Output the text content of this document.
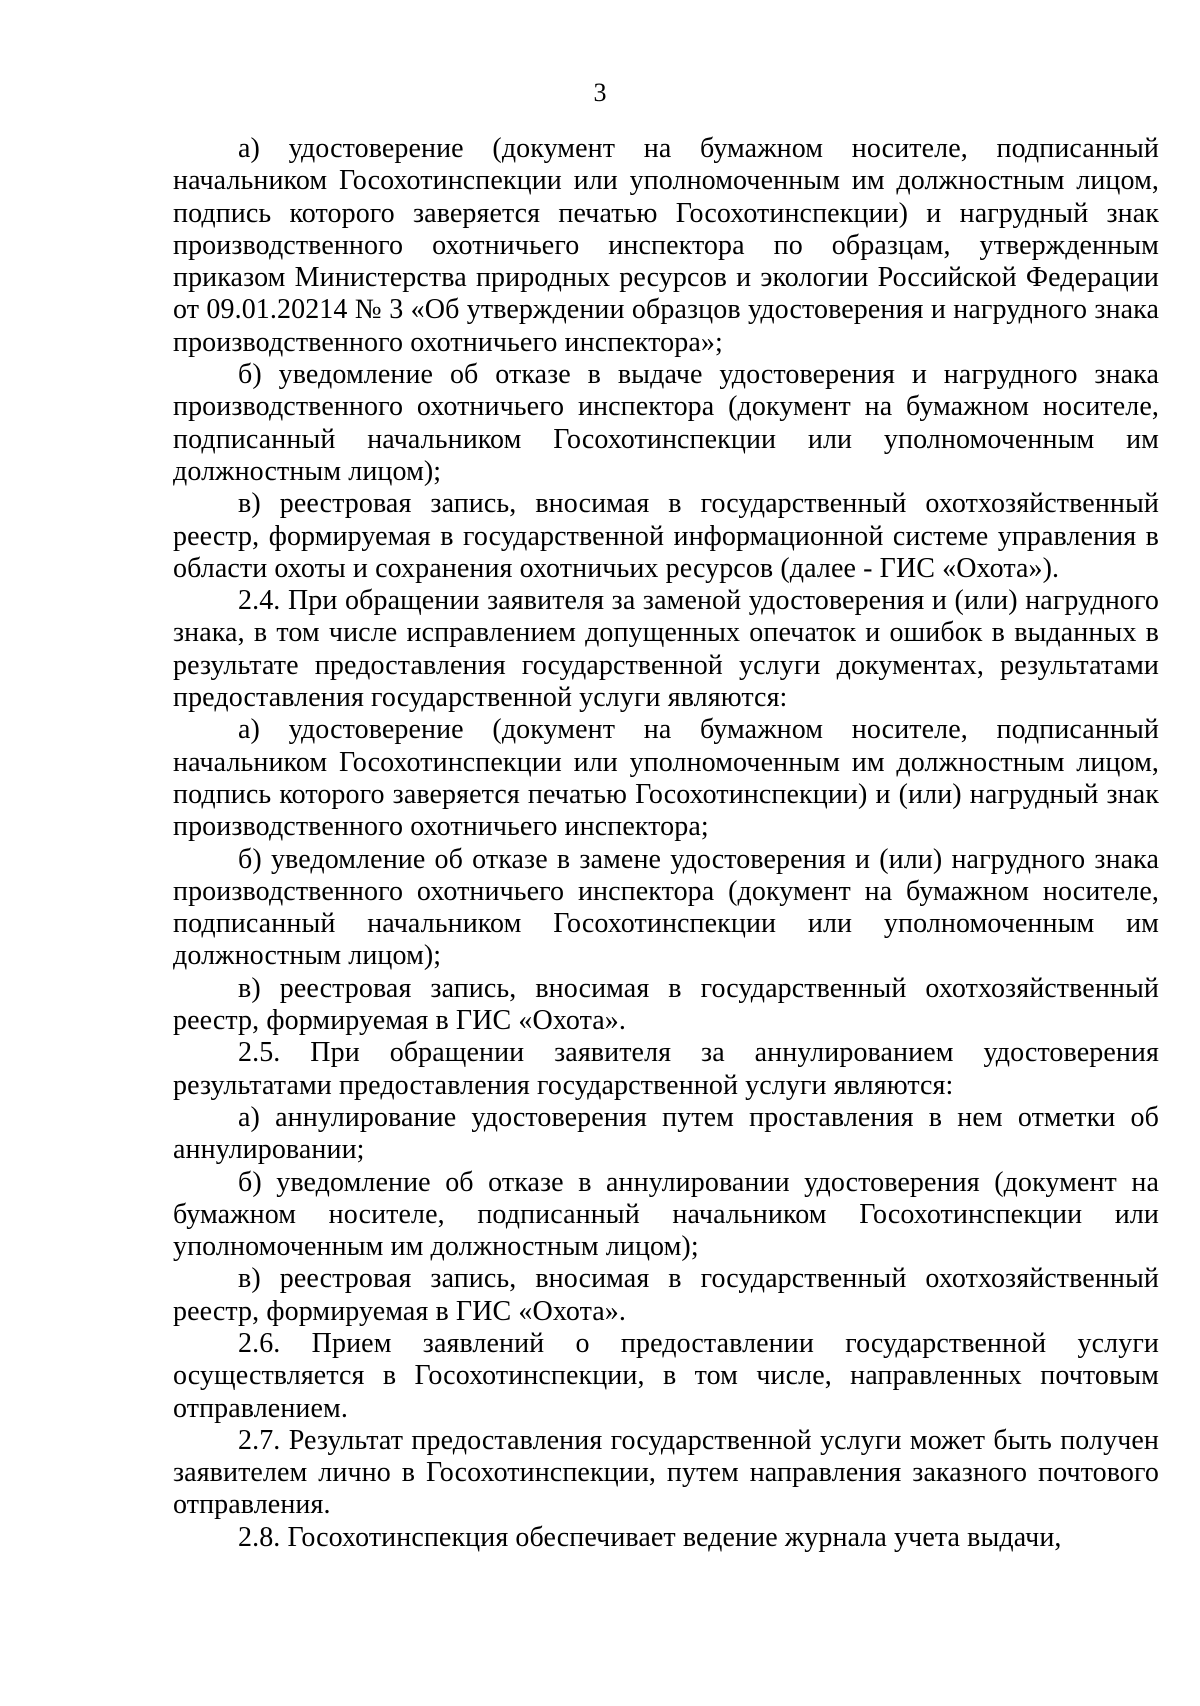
3

а) удостоверение (документ на бумажном носителе, подписанный начальником Госохотинспекции или уполномоченным им должностным лицом, подпись которого заверяется печатью Госохотинспекции) и нагрудный знак производственного охотничьего инспектора по образцам, утвержденным приказом Министерства природных ресурсов и экологии Российской Федерации от 09.01.20214 № 3 «Об утверждении образцов удостоверения и нагрудного знака производственного охотничьего инспектора»;

б) уведомление об отказе в выдаче удостоверения и нагрудного знака производственного охотничьего инспектора (документ на бумажном носителе, подписанный начальником Госохотинспекции или уполномоченным им должностным лицом);

в) реестровая запись, вносимая в государственный охотхозяйственный реестр, формируемая в государственной информационной системе управления в области охоты и сохранения охотничьих ресурсов (далее - ГИС «Охота»).

2.4. При обращении заявителя за заменой удостоверения и (или) нагрудного знака, в том числе исправлением допущенных опечаток и ошибок в выданных в результате предоставления государственной услуги документах, результатами предоставления государственной услуги являются:

а) удостоверение (документ на бумажном носителе, подписанный начальником Госохотинспекции или уполномоченным им должностным лицом, подпись которого заверяется печатью Госохотинспекции) и (или) нагрудный знак производственного охотничьего инспектора;

б) уведомление об отказе в замене удостоверения и (или) нагрудного знака производственного охотничьего инспектора (документ на бумажном носителе, подписанный начальником Госохотинспекции или уполномоченным им должностным лицом);

в) реестровая запись, вносимая в государственный охотхозяйственный реестр, формируемая в ГИС «Охота».

2.5. При обращении заявителя за аннулированием удостоверения результатами предоставления государственной услуги являются:

а) аннулирование удостоверения путем проставления в нем отметки об аннулировании;

б) уведомление об отказе в аннулировании удостоверения (документ на бумажном носителе, подписанный начальником Госохотинспекции или уполномоченным им должностным лицом);

в) реестровая запись, вносимая в государственный охотхозяйственный реестр, формируемая в ГИС «Охота».

2.6. Прием заявлений о предоставлении государственной услуги осуществляется в Госохотинспекции, в том числе, направленных почтовым отправлением.

2.7. Результат предоставления государственной услуги может быть получен заявителем лично в Госохотинспекции, путем направления заказного почтового отправления.

2.8. Госохотинспекция обеспечивает ведение журнала учета выдачи,
